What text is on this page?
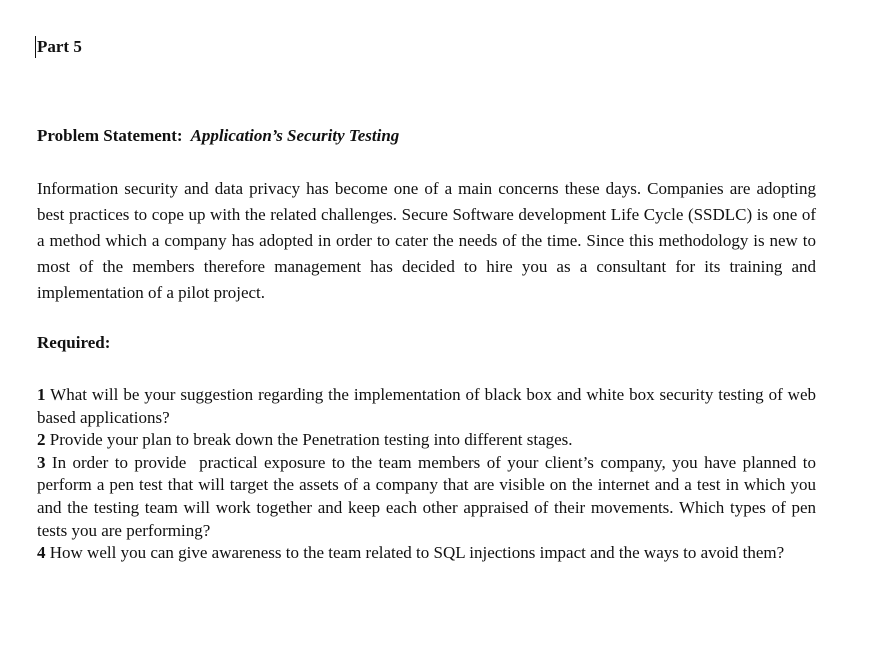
Part 5
Problem Statement: Application’s Security Testing

Information security and data privacy has become one of a main concerns these days. Companies are adopting best practices to cope up with the related challenges. Secure Software development Life Cycle (SSDLC) is one of a method which a company has adopted in order to cater the needs of the time. Since this methodology is new to most of the members therefore management has decided to hire you as a consultant for its training and implementation of a pilot project.

Required:

1 What will be your suggestion regarding the implementation of black box and white box security testing of web based applications?

2 Provide your plan to break down the Penetration testing into different stages.

3 In order to provide  practical exposure to the team members of your client’s company, you have planned to perform a pen test that will target the assets of a company that are visible on the internet and a test in which you and the testing team will work together and keep each other appraised of their movements. Which types of pen tests you are performing?

4 How well you can give awareness to the team related to SQL injections impact and the ways to avoid them?
